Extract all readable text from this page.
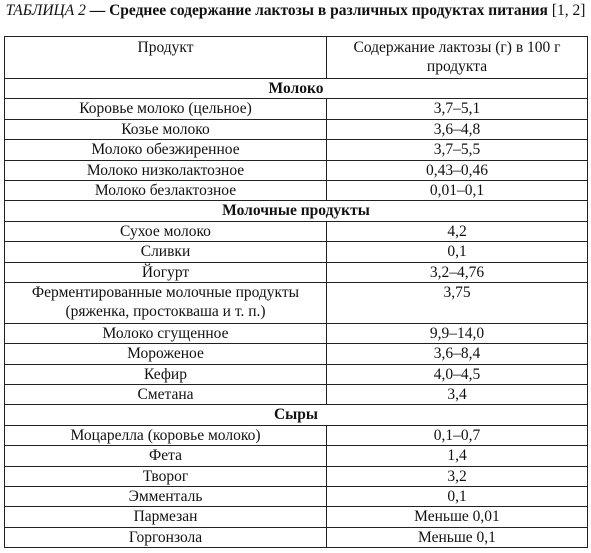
ТАБЛИЦА 2 — Среднее содержание лактозы в различных продуктах питания [1, 2]
Продукт	Содержание лактозы (г) в 100 г продукта
Молоко	
Коровье молоко (цельное)	3,7–5,1
Козье молоко	3,6–4,8
Молоко обезжиренное	3,7–5,5
Молоко низколактозное	0,43–0,46
Молоко безлактозное	0,01–0,1
Молочные продукты	
Сухое молоко	4,2
Сливки	0,1
Йогурт	3,2–4,76
Ферментированные молочные продукты (ряженка, простокваша и т. п.)	3,75
Молоко сгущенное	9,9–14,0
Мороженое	3,6–8,4
Кефир	4,0–4,5
Сметана	3,4
Сыры	
Моцарелла (коровье молоко)	0,1–0,7
Фета	1,4
Творог	3,2
Эмменталь	0,1
Пармезан	Меньше 0,01
Горгонзола	Меньше 0,1
